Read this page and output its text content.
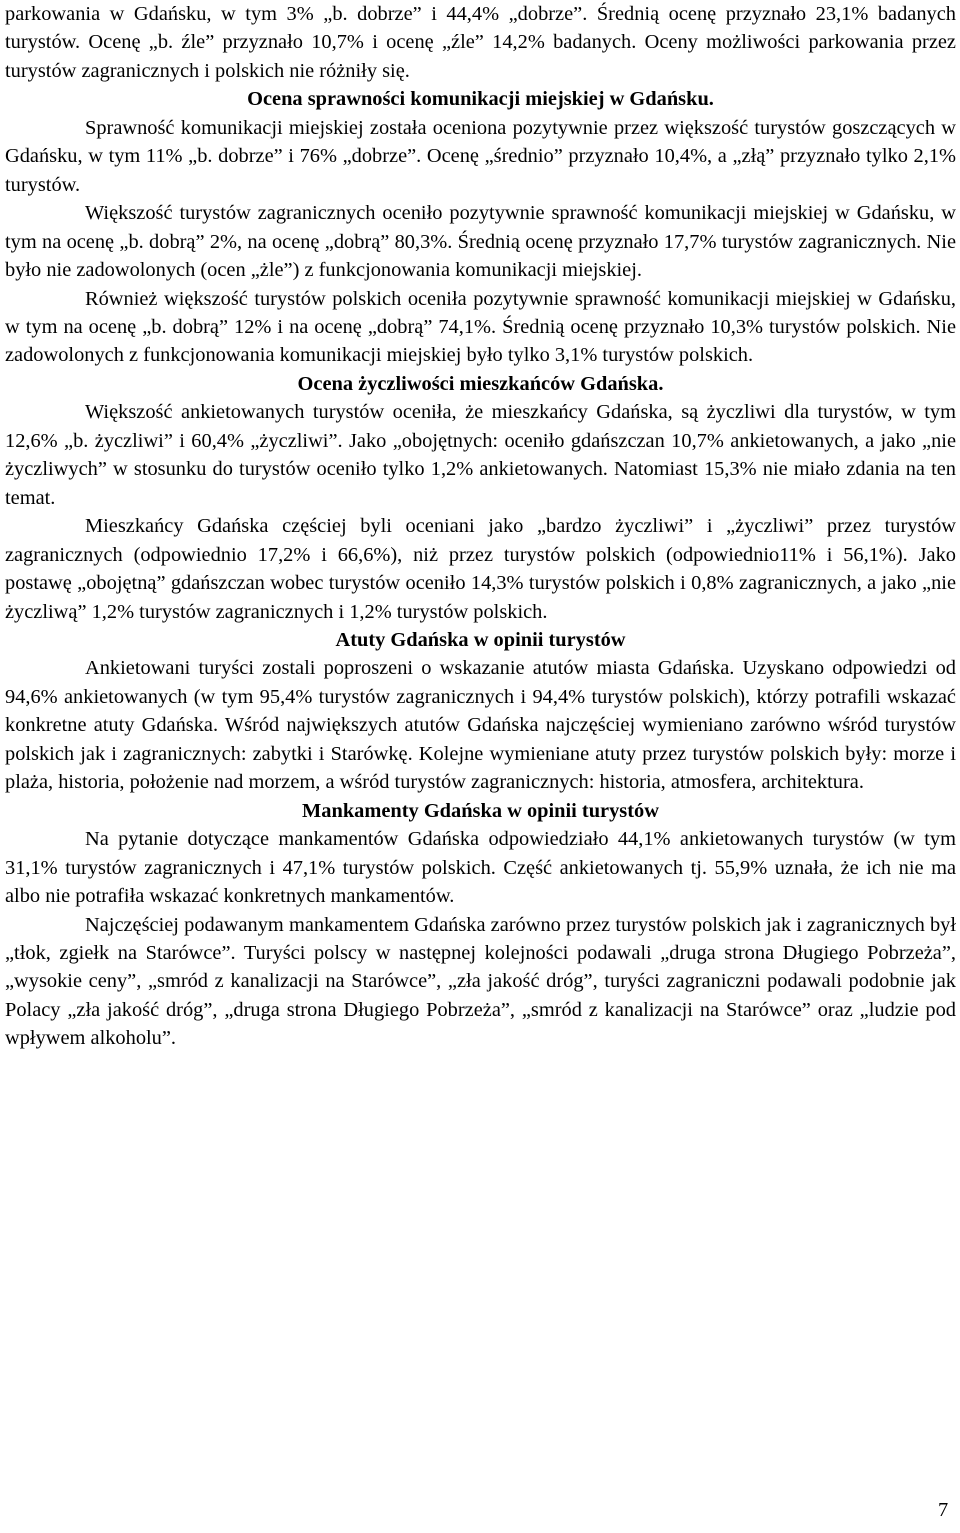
parkowania w Gdańsku, w tym 3% „b. dobrze” i 44,4% „dobrze”. Średnią ocenę przyznało 23,1% badanych turystów. Ocenę „b. źle” przyznało 10,7% i ocenę „źle” 14,2% badanych. Oceny możliwości parkowania przez turystów zagranicznych i polskich nie różniły się.

Ocena sprawności komunikacji miejskiej w Gdańsku.

Sprawność komunikacji miejskiej została oceniona pozytywnie przez większość turystów goszczących w Gdańsku, w tym 11% „b. dobrze” i 76% „dobrze”. Ocenę „średnio” przyznało 10,4%, a „złą” przyznało tylko 2,1% turystów.

Większość turystów zagranicznych oceniło pozytywnie sprawność komunikacji miejskiej w Gdańsku, w tym na ocenę „b. dobrą” 2%, na ocenę „dobrą” 80,3%. Średnią ocenę przyznało 17,7% turystów zagranicznych. Nie było nie zadowolonych (ocen „żle”) z funkcjonowania komunikacji miejskiej.

Również większość turystów polskich oceniła pozytywnie sprawność komunikacji miejskiej w Gdańsku, w tym na ocenę „b. dobrą” 12% i na ocenę „dobrą” 74,1%. Średnią ocenę przyznało 10,3% turystów polskich. Nie zadowolonych z funkcjonowania komunikacji miejskiej było tylko 3,1% turystów polskich.

Ocena życzliwości mieszkańców Gdańska.

Większość ankietowanych turystów oceniła, że mieszkańcy Gdańska, są życzliwi dla turystów, w tym 12,6% „b. życzliwi” i 60,4% „życzliwi”. Jako „obojętnych: oceniło gdańszczan 10,7% ankietowanych, a jako „nie życzliwych” w stosunku do turystów oceniło tylko 1,2% ankietowanych. Natomiast 15,3% nie miało zdania na ten temat.

Mieszkańcy Gdańska częściej byli oceniani jako „bardzo życzliwi” i „życzliwi” przez turystów zagranicznych (odpowiednio 17,2% i 66,6%), niż przez turystów polskich (odpowiednio11% i 56,1%). Jako postawę „obojętną” gdańszczan wobec turystów oceniło 14,3% turystów polskich i 0,8% zagranicznych, a jako „nie życzliwą” 1,2% turystów zagranicznych i 1,2% turystów polskich.

Atuty Gdańska w opinii turystów

Ankietowani turyści zostali poproszeni o wskazanie atutów miasta Gdańska. Uzyskano odpowiedzi od 94,6% ankietowanych (w tym 95,4% turystów zagranicznych i 94,4% turystów polskich), którzy potrafili wskazać konkretne atuty Gdańska. Wśród największych atutów Gdańska najczęściej wymieniano zarówno wśród turystów polskich jak i zagranicznych: zabytki i Starówkę. Kolejne wymieniane atuty przez turystów polskich były: morze i plaża, historia, położenie nad morzem, a wśród turystów zagranicznych: historia, atmosfera, architektura.

Mankamenty Gdańska w opinii turystów

Na pytanie dotyczące mankamentów Gdańska odpowiedziało 44,1% ankietowanych turystów (w tym 31,1% turystów zagranicznych i 47,1% turystów polskich. Część ankietowanych tj. 55,9% uznała, że ich nie ma albo nie potrafiła wskazać konkretnych mankamentów.

Najczęściej podawanym mankamentem Gdańska zarówno przez turystów polskich jak i zagranicznych był „tłok, zgiełk na Starówce”. Turyści polscy w następnej kolejności podawali „druga strona Długiego Pobrzeża”, „wysokie ceny”, „smród z kanalizacji na Starówce”, „zła jakość dróg”, turyści zagraniczni podawali podobnie jak Polacy „zła jakość dróg”, „druga strona Długiego Pobrzeża”, „smród z kanalizacji na Starówce” oraz „ludzie pod wpływem alkoholu”.

7
